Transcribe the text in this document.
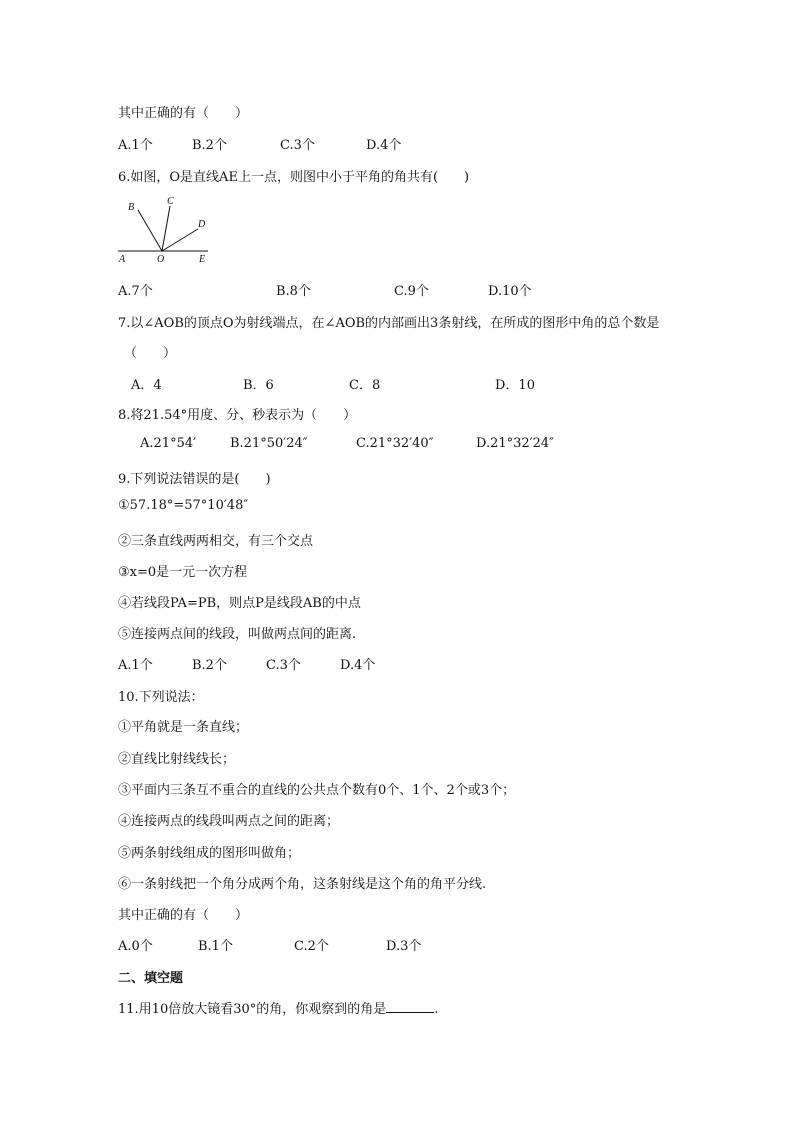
其中正确的有（　　）
A.1个	B.2个	C.3个	D.4个
6.如图，O是直线AE上一点，则图中小于平角的角共有(　　)
B
C
D
A	O	E
A.7个	B.8个	C.9个	D.10个
7.以∠AOB的顶点O为射线端点，在∠AOB的内部画出3条射线，在所成的图形中角的总个数是
（　　）
A．4	B．6	C．8	D．10
8.将21.54°用度、分、秒表示为（　　）
A.21°54′	B.21°50′24″	C.21°32′40″	D.21°32′24″
9.下列说法错误的是(　　)
①57.18°=57°10′48″
②三条直线两两相交，有三个交点
③x=0是一元一次方程
④若线段PA=PB，则点P是线段AB的中点
⑤连接两点间的线段，叫做两点间的距离.
A.1个	B.2个	C.3个	D.4个
10.下列说法：
①平角就是一条直线；
②直线比射线线长；
③平面内三条互不重合的直线的公共点个数有0个、1个、2个或3个；
④连接两点的线段叫两点之间的距离；
⑤两条射线组成的图形叫做角；
⑥一条射线把一个角分成两个角，这条射线是这个角的角平分线.
其中正确的有（　　）
A.0个	B.1个	C.2个	D.3个
二、填空题
11.用10倍放大镜看30°的角，你观察到的角是	.
